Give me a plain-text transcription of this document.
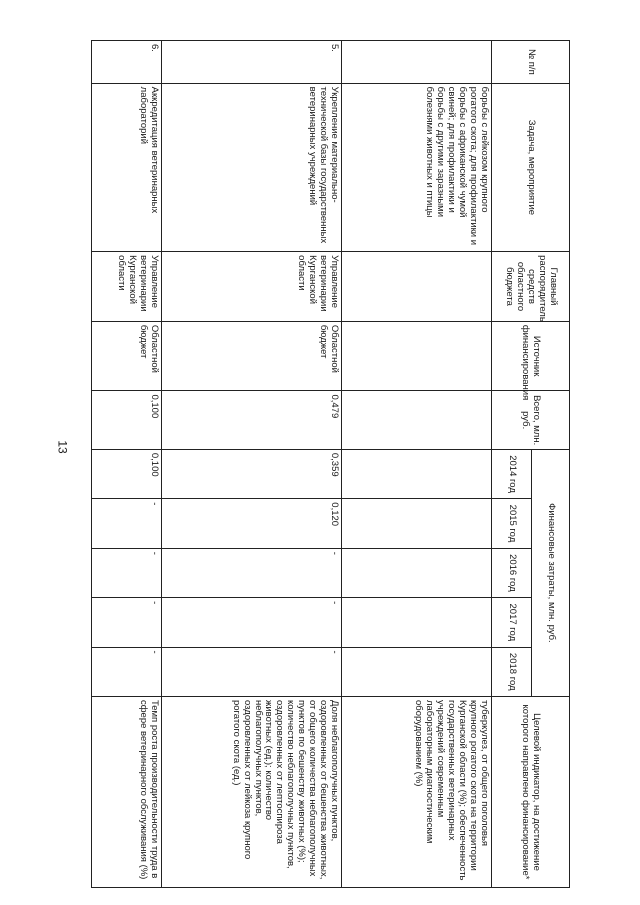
13
№ п/п	Задача, мероприятие	Главный распорядитель средств областного бюджета	Источник финансирования	Всего, млн. руб.	Финансовые затраты, млн. руб.					Целевой индикатор, на достижение которого направлено финансирование*
					2014 год	2015 год	2016 год	2017 год	2018 год	
	борьбы с лейкозом крупного рогатого скота; для профилактики и борьбы с африканской чумой свиней; для профилактики и борьбы с другими заразными болезнями животных и птицы									туберкулез, от общего поголовья крупного рогатого скота на территории Курганской области (%); обеспеченность государственных ветеринарных учреждений современным лабораторным диагностическим оборудованием (%)
5.	Укрепление материально-технической базы государственных ветеринарных учреждений	Управление ветеринарии Курганской области	Областной бюджет	0,479	0,359	0,120	-	-	-	Доля неблагополучных пунктов, оздоровленных от бешенства животных, от общего количества неблагополучных пунктов по бешенству животных (%); количество неблагополучных пунктов, оздоровленных от лептоспироза животных (ед.); количество неблагополучных пунктов, оздоровленных от лейкоза крупного рогатого скота (ед.)
6.	Аккредитация ветеринарных лабораторий	Управление ветеринарии Курганской области	Областной бюджет	0,100	0,100	-	-	-	-	Темп роста производительности труда в сфере ветеринарного обслуживания (%)
